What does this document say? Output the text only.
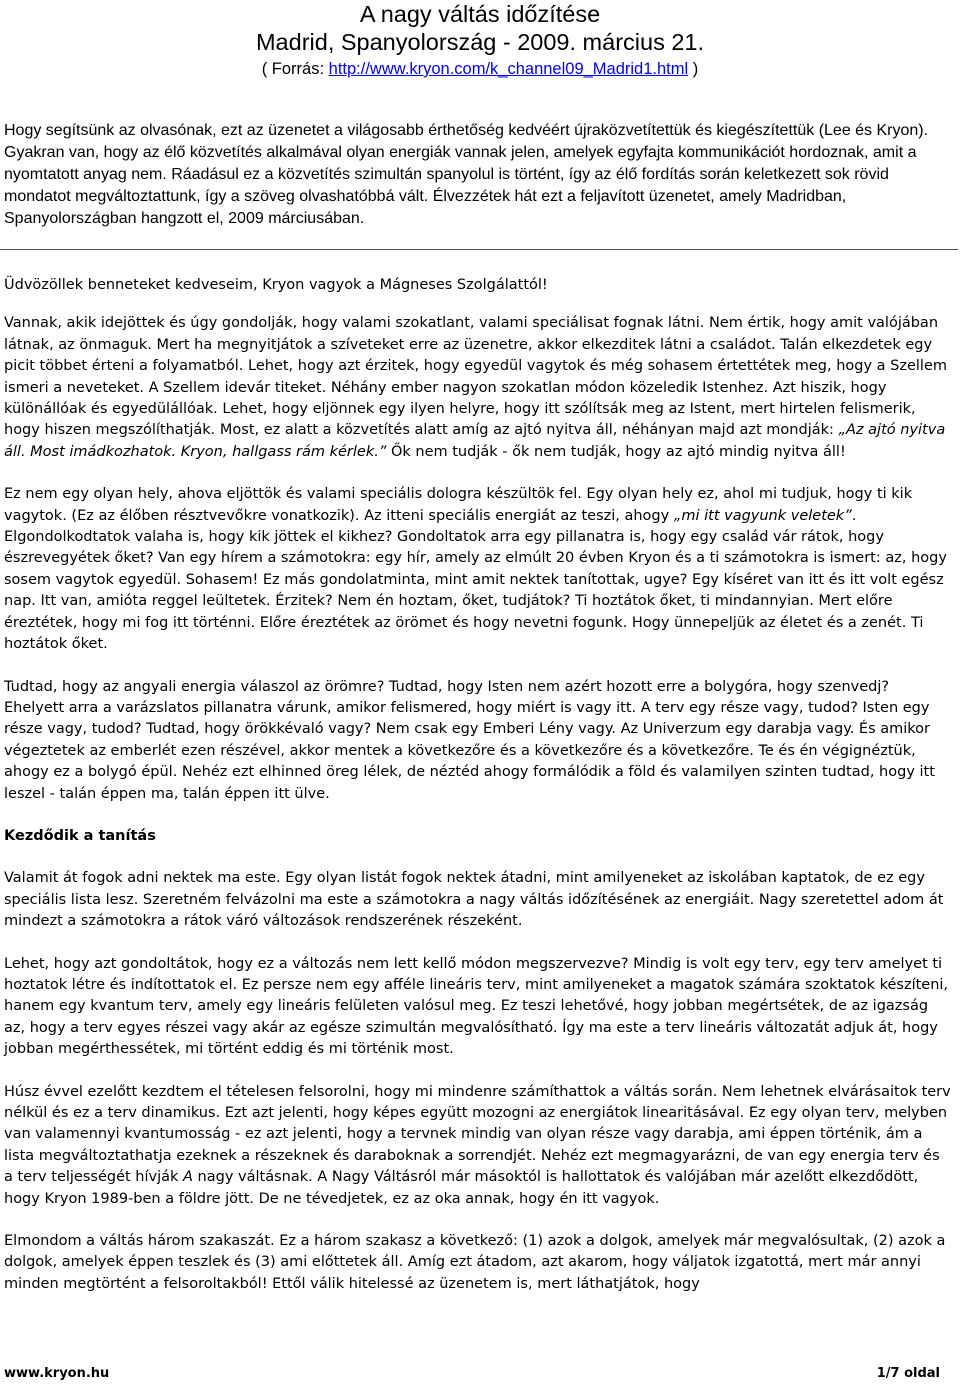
A nagy váltás időzítése
Madrid, Spanyolország - 2009. március 21.
( Forrás: http://www.kryon.com/k_channel09_Madrid1.html )

Hogy segítsünk az olvasónak, ezt az üzenetet a világosabb érthetőség kedvéért újraközvetítettük és kiegészítettük (Lee és Kryon). Gyakran van, hogy az élő közvetítés alkalmával olyan energiák vannak jelen, amelyek egyfajta kommunikációt hordoznak, amit a nyomtatott anyag nem. Ráadásul ez a közvetítés szimultán spanyolul is történt, így az élő fordítás során keletkezett sok rövid mondatot megváltoztattunk, így a szöveg olvashatóbbá vált. Élvezzétek hát ezt a feljavított üzenetet, amely Madridban, Spanyolországban hangzott el, 2009 márciusában.

Üdvözöllek benneteket kedveseim, Kryon vagyok a Mágneses Szolgálattól!

Vannak, akik idejöttek és úgy gondolják, hogy valami szokatlant, valami speciálisat fognak látni. Nem értik, hogy amit valójában látnak, az önmaguk. Mert ha megnyitjátok a szíveteket erre az üzenetre, akkor elkezditek látni a családot. Talán elkezdetek egy picit többet érteni a folyamatból. Lehet, hogy azt érzitek, hogy egyedül vagytok és még sohasem értettétek meg, hogy a Szellem ismeri a neveteket. A Szellem idevár titeket. Néhány ember nagyon szokatlan módon közeledik Istenhez. Azt hiszik, hogy különállóak és egyedülállóak. Lehet, hogy eljönnek egy ilyen helyre, hogy itt szólítsák meg az Istent, mert hirtelen felismerik, hogy hiszen megszólíthatják. Most, ez alatt a közvetítés alatt amíg az ajtó nyitva áll, néhányan majd azt mondják: „Az ajtó nyitva áll. Most imádkozhatok. Kryon, hallgass rám kérlek.” Ők nem tudják - ők nem tudják, hogy az ajtó mindig nyitva áll!

Ez nem egy olyan hely, ahova eljöttök és valami speciális dologra készültök fel. Egy olyan hely ez, ahol mi tudjuk, hogy ti kik vagytok. (Ez az élőben résztvevőkre vonatkozik). Az itteni speciális energiát az teszi, ahogy „mi itt vagyunk veletek”. Elgondolkodtatok valaha is, hogy kik jöttek el kikhez? Gondoltatok arra egy pillanatra is, hogy egy család vár rátok, hogy észrevegyétek őket? Van egy hírem a számotokra: egy hír, amely az elmúlt 20 évben Kryon és a ti számotokra is ismert: az, hogy sosem vagytok egyedül. Sohasem! Ez más gondolatminta, mint amit nektek tanítottak, ugye? Egy kíséret van itt és itt volt egész nap. Itt van, amióta reggel leültetek. Érzitek? Nem én hoztam, őket, tudjátok? Ti hoztátok őket, ti mindannyian. Mert előre éreztétek, hogy mi fog itt történni. Előre éreztétek az örömet és hogy nevetni fogunk. Hogy ünnepeljük az életet és a zenét. Ti hoztátok őket.

Tudtad, hogy az angyali energia válaszol az örömre? Tudtad, hogy Isten nem azért hozott erre a bolygóra, hogy szenvedj? Ehelyett arra a varázslatos pillanatra várunk, amikor felismered, hogy miért is vagy itt. A terv egy része vagy, tudod? Isten egy része vagy, tudod? Tudtad, hogy örökkévaló vagy? Nem csak egy Emberi Lény vagy. Az Univerzum egy darabja vagy. És amikor végeztetek az emberlét ezen részével, akkor mentek a következőre és a következőre és a következőre. Te és én végignéztük, ahogy ez a bolygó épül. Nehéz ezt elhinned öreg lélek, de néztéd ahogy formálódik a föld és valamilyen szinten tudtad, hogy itt leszel - talán éppen ma, talán éppen itt ülve.

Kezdődik a tanítás

Valamit át fogok adni nektek ma este. Egy olyan listát fogok nektek átadni, mint amilyeneket az iskolában kaptatok, de ez egy speciális lista lesz. Szeretném felvázolni ma este a számotokra a nagy váltás időzítésének az energiáit. Nagy szeretettel adom át mindezt a számotokra a rátok váró változások rendszerének részeként.

Lehet, hogy azt gondoltátok, hogy ez a változás nem lett kellő módon megszervezve? Mindig is volt egy terv, egy terv amelyet ti hoztatok létre és indítottatok el. Ez persze nem egy afféle lineáris terv, mint amilyeneket a magatok számára szoktatok készíteni, hanem egy kvantum terv, amely egy lineáris felületen valósul meg. Ez teszi lehetővé, hogy jobban megértsétek, de az igazság az, hogy a terv egyes részei vagy akár az egésze szimultán megvalósítható. Így ma este a terv lineáris változatát adjuk át, hogy jobban megérthessétek, mi történt eddig és mi történik most.

Húsz évvel ezelőtt kezdtem el tételesen felsorolni, hogy mi mindenre számíthattok a váltás során. Nem lehetnek elvárásaitok terv nélkül és ez a terv dinamikus. Ezt azt jelenti, hogy képes együtt mozogni az energiátok linearitásával. Ez egy olyan terv, melyben van valamennyi kvantumosság - ez azt jelenti, hogy a tervnek mindig van olyan része vagy darabja, ami éppen történik, ám a lista megváltoztathatja ezeknek a részeknek és daraboknak a sorrendjét. Nehéz ezt megmagyarázni, de van egy energia terv és a terv teljességét hívják A nagy váltásnak. A Nagy Váltásról már másoktól is hallottatok és valójában már azelőtt elkezdődött, hogy Kryon 1989-ben a földre jött. De ne tévedjetek, ez az oka annak, hogy én itt vagyok.

Elmondom a váltás három szakaszát. Ez a három szakasz a következő: (1) azok a dolgok, amelyek már megvalósultak, (2) azok a dolgok, amelyek éppen teszlek és (3) ami előttetek áll. Amíg ezt átadom, azt akarom, hogy váljatok izgatottá, mert már annyi minden megtörtént a felsoroltakból! Ettől válik hitelessé az üzenetem is, mert láthatjátok, hogy

www.kryon.hu	1/7 oldal
